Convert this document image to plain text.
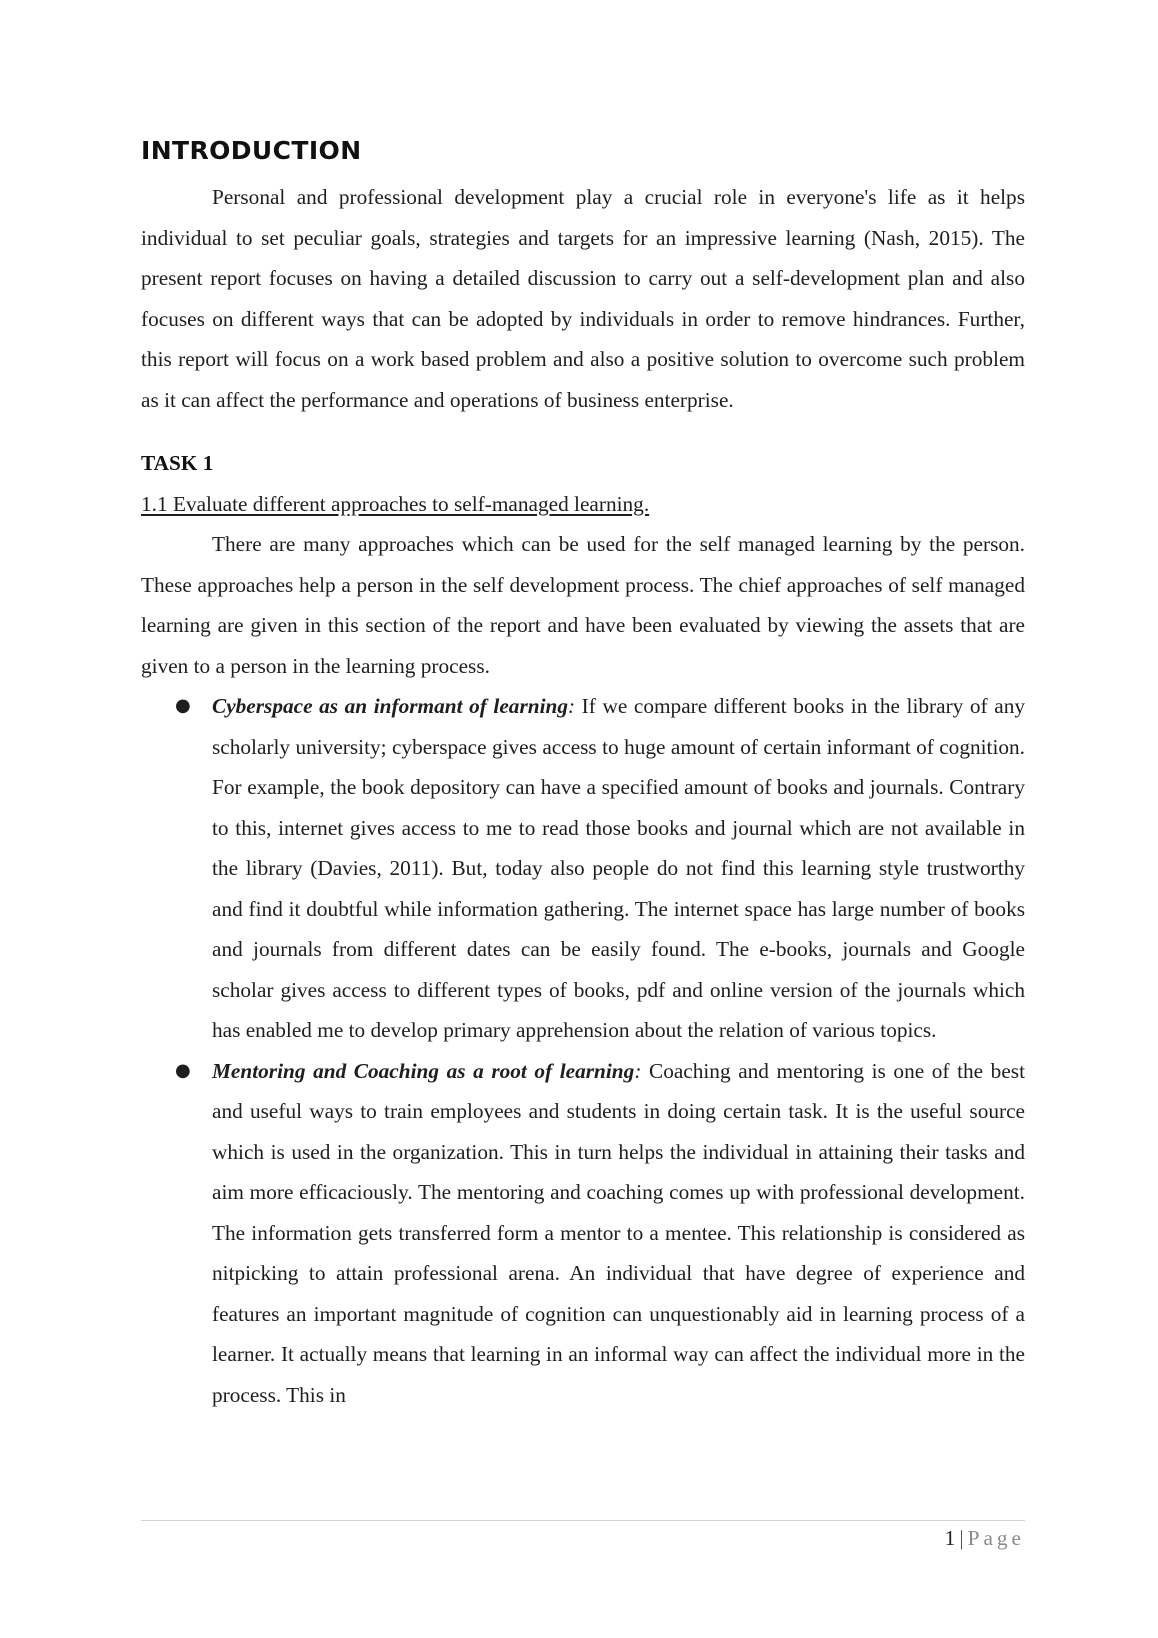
INTRODUCTION

Personal and professional development play a crucial role in everyone's life as it helps individual to set peculiar goals, strategies and targets for an impressive learning (Nash, 2015). The present report focuses on having a detailed discussion to carry out a self-development plan and also focuses on different ways that can be adopted by individuals in order to remove hindrances. Further, this report will focus on a work based problem and also a positive solution to overcome such problem as it can affect the performance and operations of business enterprise.

TASK 1
1.1 Evaluate different approaches to self-managed learning.

There are many approaches which can be used for the self managed learning by the person. These approaches help a person in the self development process. The chief approaches of self managed learning are given in this section of the report and have been evaluated by viewing the assets that are given to a person in the learning process.

● Cyberspace as an informant of learning: If we compare different books in the library of any scholarly university; cyberspace gives access to huge amount of certain informant of cognition. For example, the book depository can have a specified amount of books and journals. Contrary to this, internet gives access to me to read those books and journal which are not available in the library (Davies, 2011). But, today also people do not find this learning style trustworthy and find it doubtful while information gathering. The internet space has large number of books and journals from different dates can be easily found. The e-books, journals and Google scholar gives access to different types of books, pdf and online version of the journals which has enabled me to develop primary apprehension about the relation of various topics.
● Mentoring and Coaching as a root of learning: Coaching and mentoring is one of the best and useful ways to train employees and students in doing certain task. It is the useful source which is used in the organization. This in turn helps the individual in attaining their tasks and aim more efficaciously. The mentoring and coaching comes up with professional development. The information gets transferred form a mentor to a mentee. This relationship is considered as nitpicking to attain professional arena. An individual that have degree of experience and features an important magnitude of cognition can unquestionably aid in learning process of a learner. It actually means that learning in an informal way can affect the individual more in the process. This in
1 | Page
